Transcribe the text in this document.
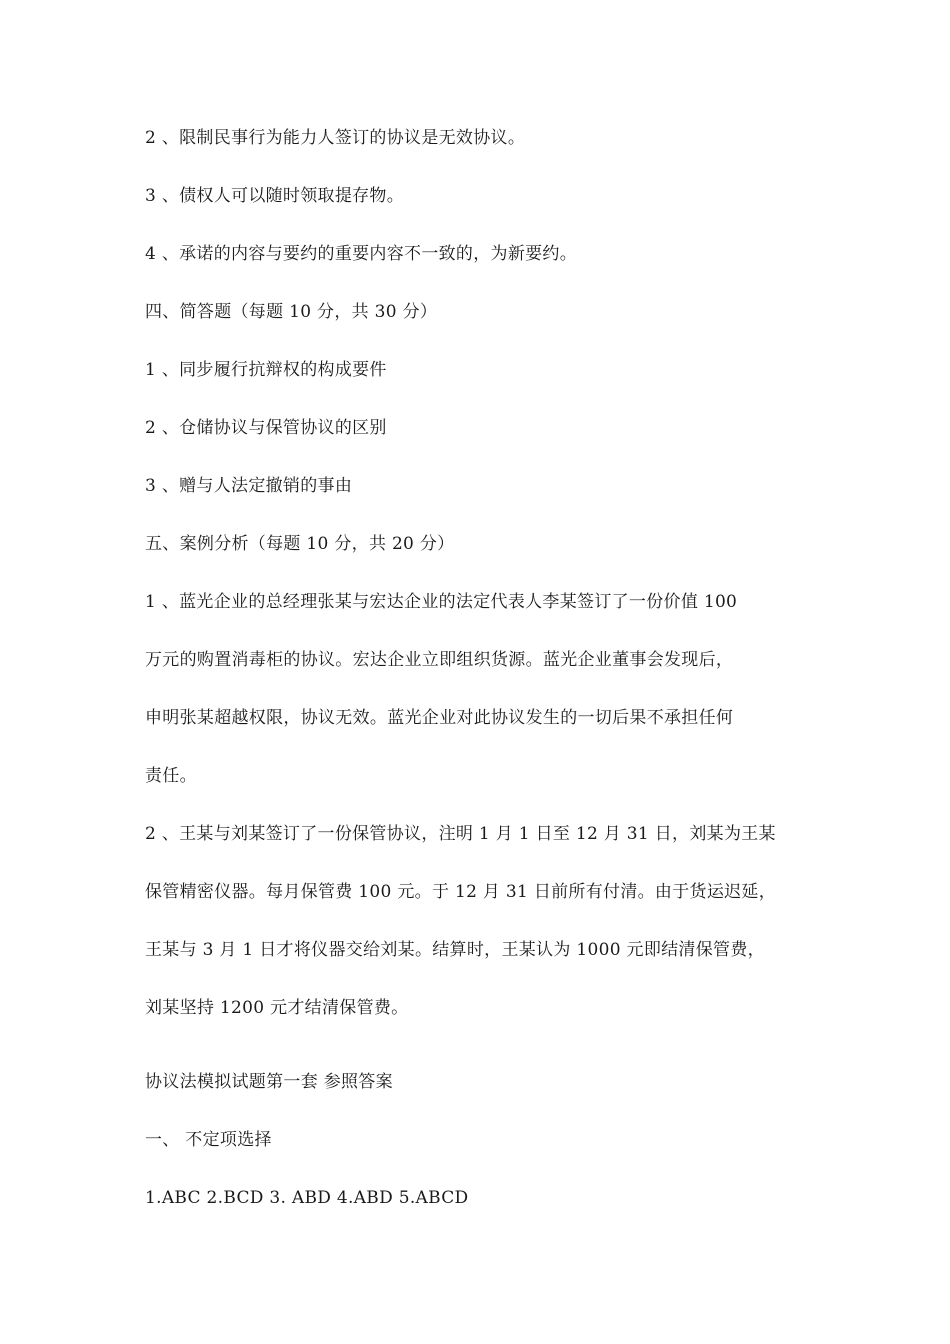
2 、限制民事行为能力人签订的协议是无效协议。
3 、债权人可以随时领取提存物。
4 、承诺的内容与要约的重要内容不一致的，为新要约。
四、简答题（每题 10 分，共 30 分）
1 、同步履行抗辩权的构成要件
2 、仓储协议与保管协议的区别
3 、赠与人法定撤销的事由
五、案例分析（每题 10 分，共 20 分）
1 、蓝光企业的总经理张某与宏达企业的法定代表人李某签订了一份价值 100
万元的购置消毒柜的协议。宏达企业立即组织货源。蓝光企业董事会发现后，
申明张某超越权限，协议无效。蓝光企业对此协议发生的一切后果不承担任何
责任。
2 、王某与刘某签订了一份保管协议，注明 1 月 1 日至 12 月 31 日，刘某为王某
保管精密仪器。每月保管费 100 元。于 12 月 31 日前所有付清。由于货运迟延，
王某与 3 月 1 日才将仪器交给刘某。结算时，王某认为 1000 元即结清保管费，
刘某坚持 1200 元才结清保管费。
协议法模拟试题第一套 参照答案
一、 不定项选择
1.ABC 2.BCD 3. ABD 4.ABD 5.ABCD
